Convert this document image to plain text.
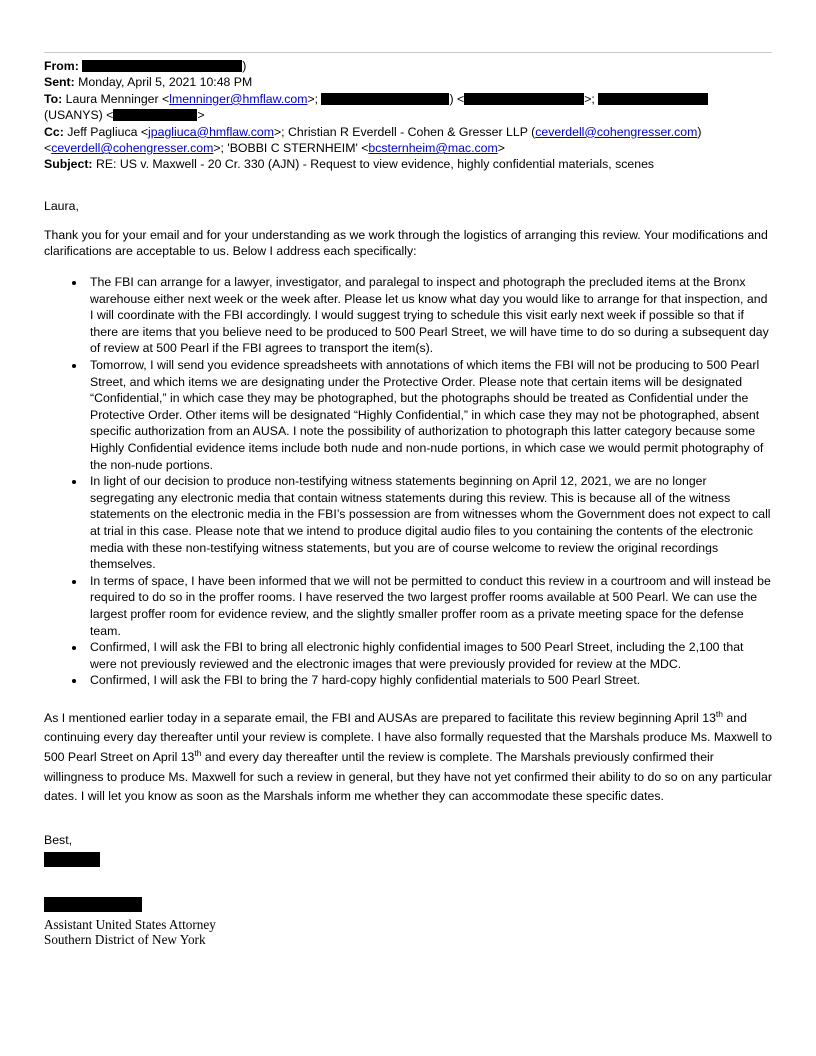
From:	)
Sent: Monday, April 5, 2021 10:48 PM
To: Laura Menninger <lmenninger@hmflaw.com>;	) <	>;
(USANYS) <	>
Cc: Jeff Pagliuca <jpagliuca@hmflaw.com>; Christian R Everdell - Cohen & Gresser LLP (ceverdell@cohengresser.com)
<ceverdell@cohengresser.com>; 'BOBBI C STERNHEIM' <bcsternheim@mac.com>
Subject: RE: US v. Maxwell - 20 Cr. 330 (AJN) - Request to view evidence, highly confidential materials, scenes
Laura,
Thank you for your email and for your understanding as we work through the logistics of arranging this review. Your modifications and clarifications are acceptable to us. Below I address each specifically:
• The FBI can arrange for a lawyer, investigator, and paralegal to inspect and photograph the precluded items at the Bronx warehouse either next week or the week after. Please let us know what day you would like to arrange for that inspection, and I will coordinate with the FBI accordingly. I would suggest trying to schedule this visit early next week if possible so that if there are items that you believe need to be produced to 500 Pearl Street, we will have time to do so during a subsequent day of review at 500 Pearl if the FBI agrees to transport the item(s).
• Tomorrow, I will send you evidence spreadsheets with annotations of which items the FBI will not be producing to 500 Pearl Street, and which items we are designating under the Protective Order. Please note that certain items will be designated “Confidential,” in which case they may be photographed, but the photographs should be treated as Confidential under the Protective Order. Other items will be designated “Highly Confidential,” in which case they may not be photographed, absent specific authorization from an AUSA. I note the possibility of authorization to photograph this latter category because some Highly Confidential evidence items include both nude and non-nude portions, in which case we would permit photography of the non-nude portions.
• In light of our decision to produce non-testifying witness statements beginning on April 12, 2021, we are no longer segregating any electronic media that contain witness statements during this review. This is because all of the witness statements on the electronic media in the FBI’s possession are from witnesses whom the Government does not expect to call at trial in this case. Please note that we intend to produce digital audio files to you containing the contents of the electronic media with these non-testifying witness statements, but you are of course welcome to review the original recordings themselves.
• In terms of space, I have been informed that we will not be permitted to conduct this review in a courtroom and will instead be required to do so in the proffer rooms. I have reserved the two largest proffer rooms available at 500 Pearl. We can use the largest proffer room for evidence review, and the slightly smaller proffer room as a private meeting space for the defense team.
• Confirmed, I will ask the FBI to bring all electronic highly confidential images to 500 Pearl Street, including the 2,100 that were not previously reviewed and the electronic images that were previously provided for review at the MDC.
• Confirmed, I will ask the FBI to bring the 7 hard-copy highly confidential materials to 500 Pearl Street.
As I mentioned earlier today in a separate email, the FBI and AUSAs are prepared to facilitate this review beginning April 13th and continuing every day thereafter until your review is complete. I have also formally requested that the Marshals produce Ms. Maxwell to 500 Pearl Street on April 13th and every day thereafter until the review is complete. The Marshals previously confirmed their willingness to produce Ms. Maxwell for such a review in general, but they have not yet confirmed their ability to do so on any particular dates. I will let you know as soon as the Marshals inform me whether they can accommodate these specific dates.
Best,
Assistant United States Attorney
Southern District of New York
